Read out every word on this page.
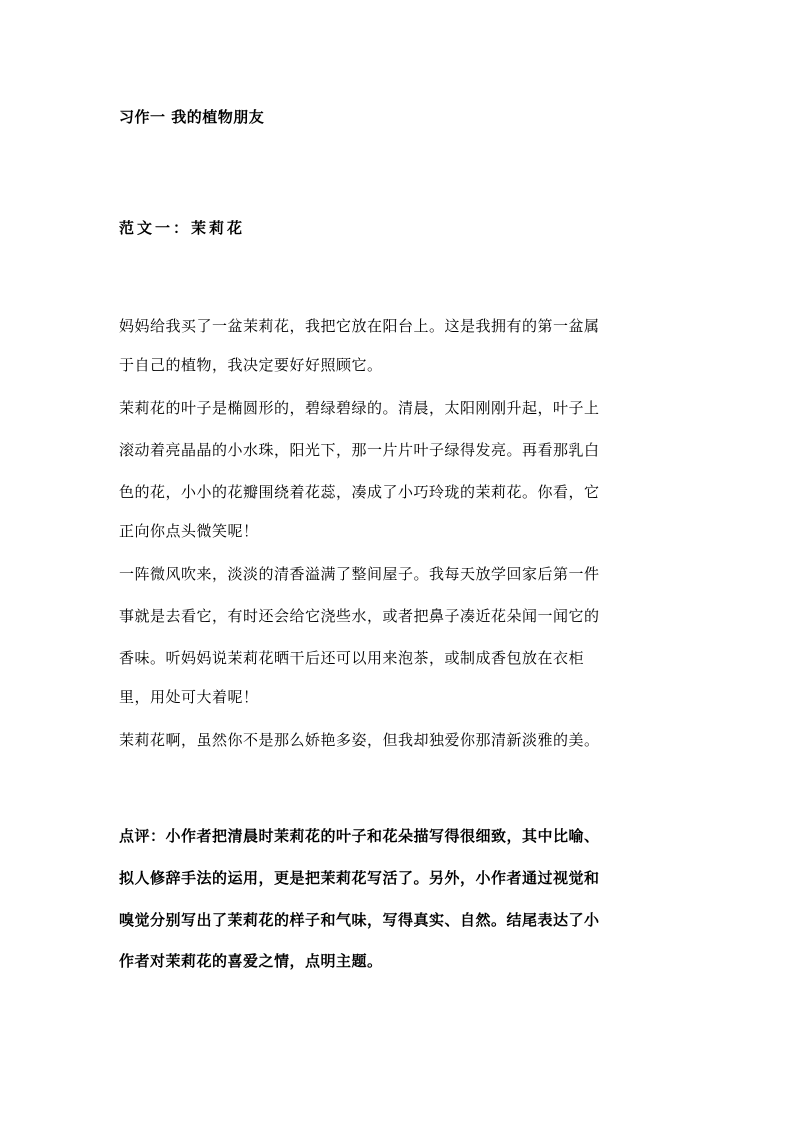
习作一 我的植物朋友
范文一：茉莉花
妈妈给我买了一盆茉莉花，我把它放在阳台上。这是我拥有的第一盆属
于自己的植物，我决定要好好照顾它。
茉莉花的叶子是椭圆形的，碧绿碧绿的。清晨，太阳刚刚升起，叶子上
滚动着亮晶晶的小水珠，阳光下，那一片片叶子绿得发亮。再看那乳白
色的花，小小的花瓣围绕着花蕊，凑成了小巧玲珑的茉莉花。你看，它
正向你点头微笑呢！
一阵微风吹来，淡淡的清香溢满了整间屋子。我每天放学回家后第一件
事就是去看它，有时还会给它浇些水，或者把鼻子凑近花朵闻一闻它的
香味。听妈妈说茉莉花晒干后还可以用来泡茶，或制成香包放在衣柜
里，用处可大着呢！
茉莉花啊，虽然你不是那么娇艳多姿，但我却独爱你那清新淡雅的美。
点评：小作者把清晨时茉莉花的叶子和花朵描写得很细致，其中比喻、
拟人修辞手法的运用，更是把茉莉花写活了。另外，小作者通过视觉和
嗅觉分别写出了茉莉花的样子和气味，写得真实、自然。结尾表达了小
作者对茉莉花的喜爱之情，点明主题。
